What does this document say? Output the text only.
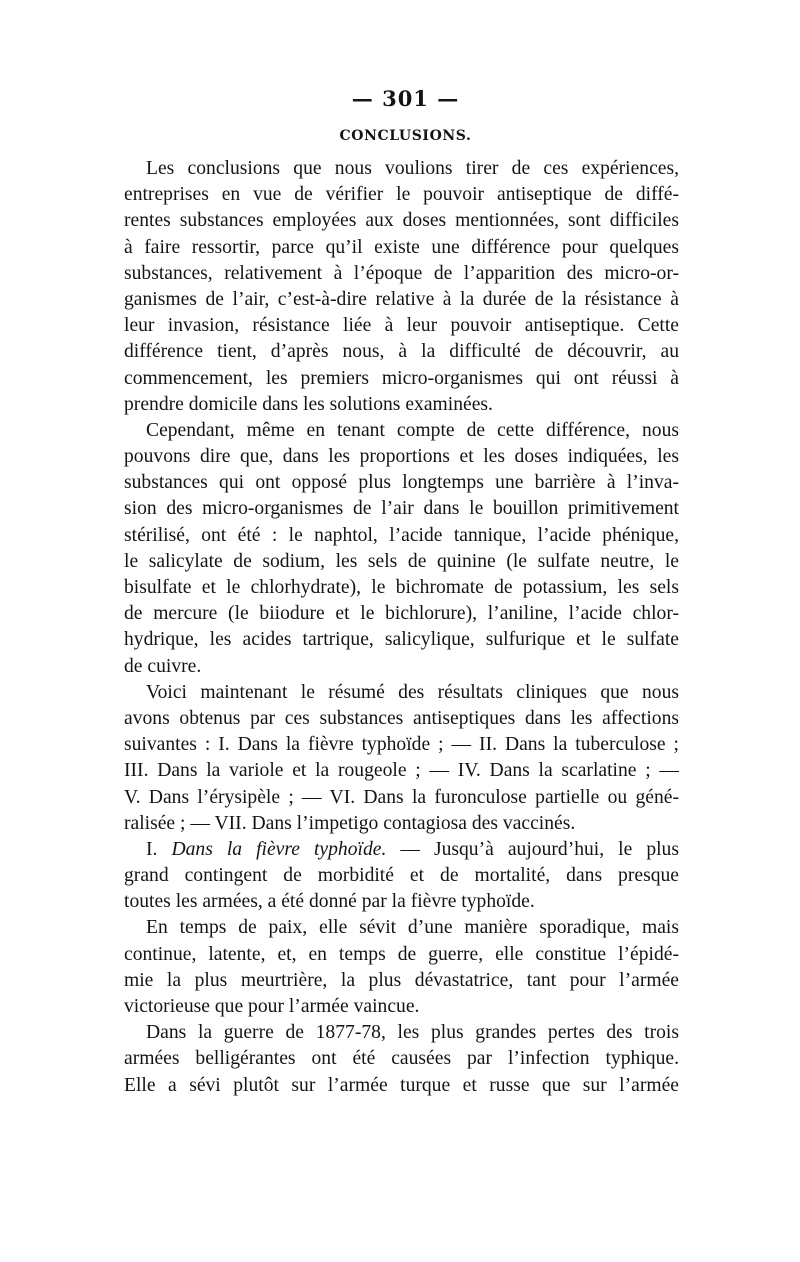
— 301 —
CONCLUSIONS.
Les conclusions que nous voulions tirer de ces expériences,
entreprises en vue de vérifier le pouvoir antiseptique de diffé-
rentes substances employées aux doses mentionnées, sont difficiles
à faire ressortir, parce qu’il existe une différence pour quelques
substances, relativement à l’époque de l’apparition des micro-or-
ganismes de l’air, c’est-à-dire relative à la durée de la résistance à
leur invasion, résistance liée à leur pouvoir antiseptique. Cette
différence tient, d’après nous, à la difficulté de découvrir, au
commencement, les premiers micro-organismes qui ont réussi à
prendre domicile dans les solutions examinées.
Cependant, même en tenant compte de cette différence, nous
pouvons dire que, dans les proportions et les doses indiquées, les
substances qui ont opposé plus longtemps une barrière à l’inva-
sion des micro-organismes de l’air dans le bouillon primitivement
stérilisé, ont été : le naphtol, l’acide tannique, l’acide phénique,
le salicylate de sodium, les sels de quinine (le sulfate neutre, le
bisulfate et le chlorhydrate), le bichromate de potassium, les sels
de mercure (le biiodure et le bichlorure), l’aniline, l’acide chlor-
hydrique, les acides tartrique, salicylique, sulfurique et le sulfate
de cuivre.
Voici maintenant le résumé des résultats cliniques que nous
avons obtenus par ces substances antiseptiques dans les affections
suivantes : I. Dans la fièvre typhoïde ; — II. Dans la tuberculose ;
III. Dans la variole et la rougeole ; — IV. Dans la scarlatine ; —
V. Dans l’érysipèle ; — VI. Dans la furonculose partielle ou géné-
ralisée ; — VII. Dans l’impetigo contagiosa des vaccinés.
I. Dans la fièvre typhoïde. — Jusqu’à aujourd’hui, le plus
grand contingent de morbidité et de mortalité, dans presque
toutes les armées, a été donné par la fièvre typhoïde.
En temps de paix, elle sévit d’une manière sporadique, mais
continue, latente, et, en temps de guerre, elle constitue l’épidé-
mie la plus meurtrière, la plus dévastatrice, tant pour l’armée
victorieuse que pour l’armée vaincue.
Dans la guerre de 1877-78, les plus grandes pertes des trois
armées belligérantes ont été causées par l’infection typhique.
Elle a sévi plutôt sur l’armée turque et russe que sur l’armée
